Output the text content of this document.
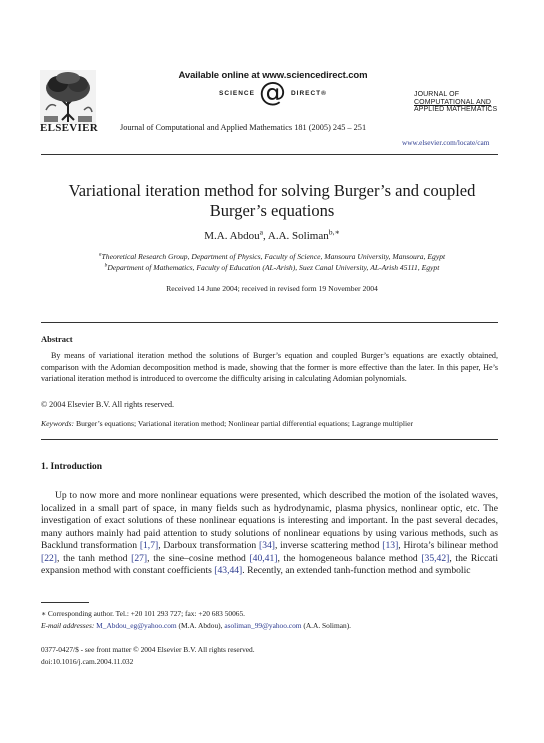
ELSEVIER
Available online at www.sciencedirect.com
SCIENCE @ DIRECT®
Journal of Computational and Applied Mathematics 181 (2005) 245 – 251
JOURNAL OF
COMPUTATIONAL AND
APPLIED MATHEMATICS
www.elsevier.com/locate/cam
Variational iteration method for solving Burger’s and coupled Burger’s equations
M.A. Abdou$^a$, A.A. Soliman$^{b,∗}$
$^a$Theoretical Research Group, Department of Physics, Faculty of Science, Mansoura University, Mansoura, Egypt
$^b$Department of Mathematics, Faculty of Education (AL-Arish), Suez Canal University, AL-Arish 45111, Egypt
Received 14 June 2004; received in revised form 19 November 2004
Abstract
By means of variational iteration method the solutions of Burger’s equation and coupled Burger’s equations are exactly obtained, comparison with the Adomian decomposition method is made, showing that the former is more effective than the later. In this paper, He’s variational iteration method is introduced to overcome the difficulty arising in calculating Adomian polynomials.
© 2004 Elsevier B.V. All rights reserved.
Keywords: Burger’s equations; Variational iteration method; Nonlinear partial differential equations; Lagrange multiplier
1. Introduction
Up to now more and more nonlinear equations were presented, which described the motion of the isolated waves, localized in a small part of space, in many fields such as hydrodynamic, plasma physics, nonlinear optic, etc. The investigation of exact solutions of these nonlinear equations is interesting and important. In the past several decades, many authors mainly had paid attention to study solutions of nonlinear equations by using various methods, such as Backlund transformation [1,7], Darboux transformation [34], inverse scattering method [13], Hirota’s bilinear method [22], the tanh method [27], the sine–cosine method [40,41], the homogeneous balance method [35,42], the Riccati expansion method with constant coefficients [43,44]. Recently, an extended tanh-function method and symbolic
∗ Corresponding author. Tel.: +20 101 293 727; fax: +20 683 50065.
E-mail addresses: M_Abdou_eg@yahoo.com (M.A. Abdou), asoliman_99@yahoo.com (A.A. Soliman).
0377-0427/$ - see front matter © 2004 Elsevier B.V. All rights reserved.
doi:10.1016/j.cam.2004.11.032
